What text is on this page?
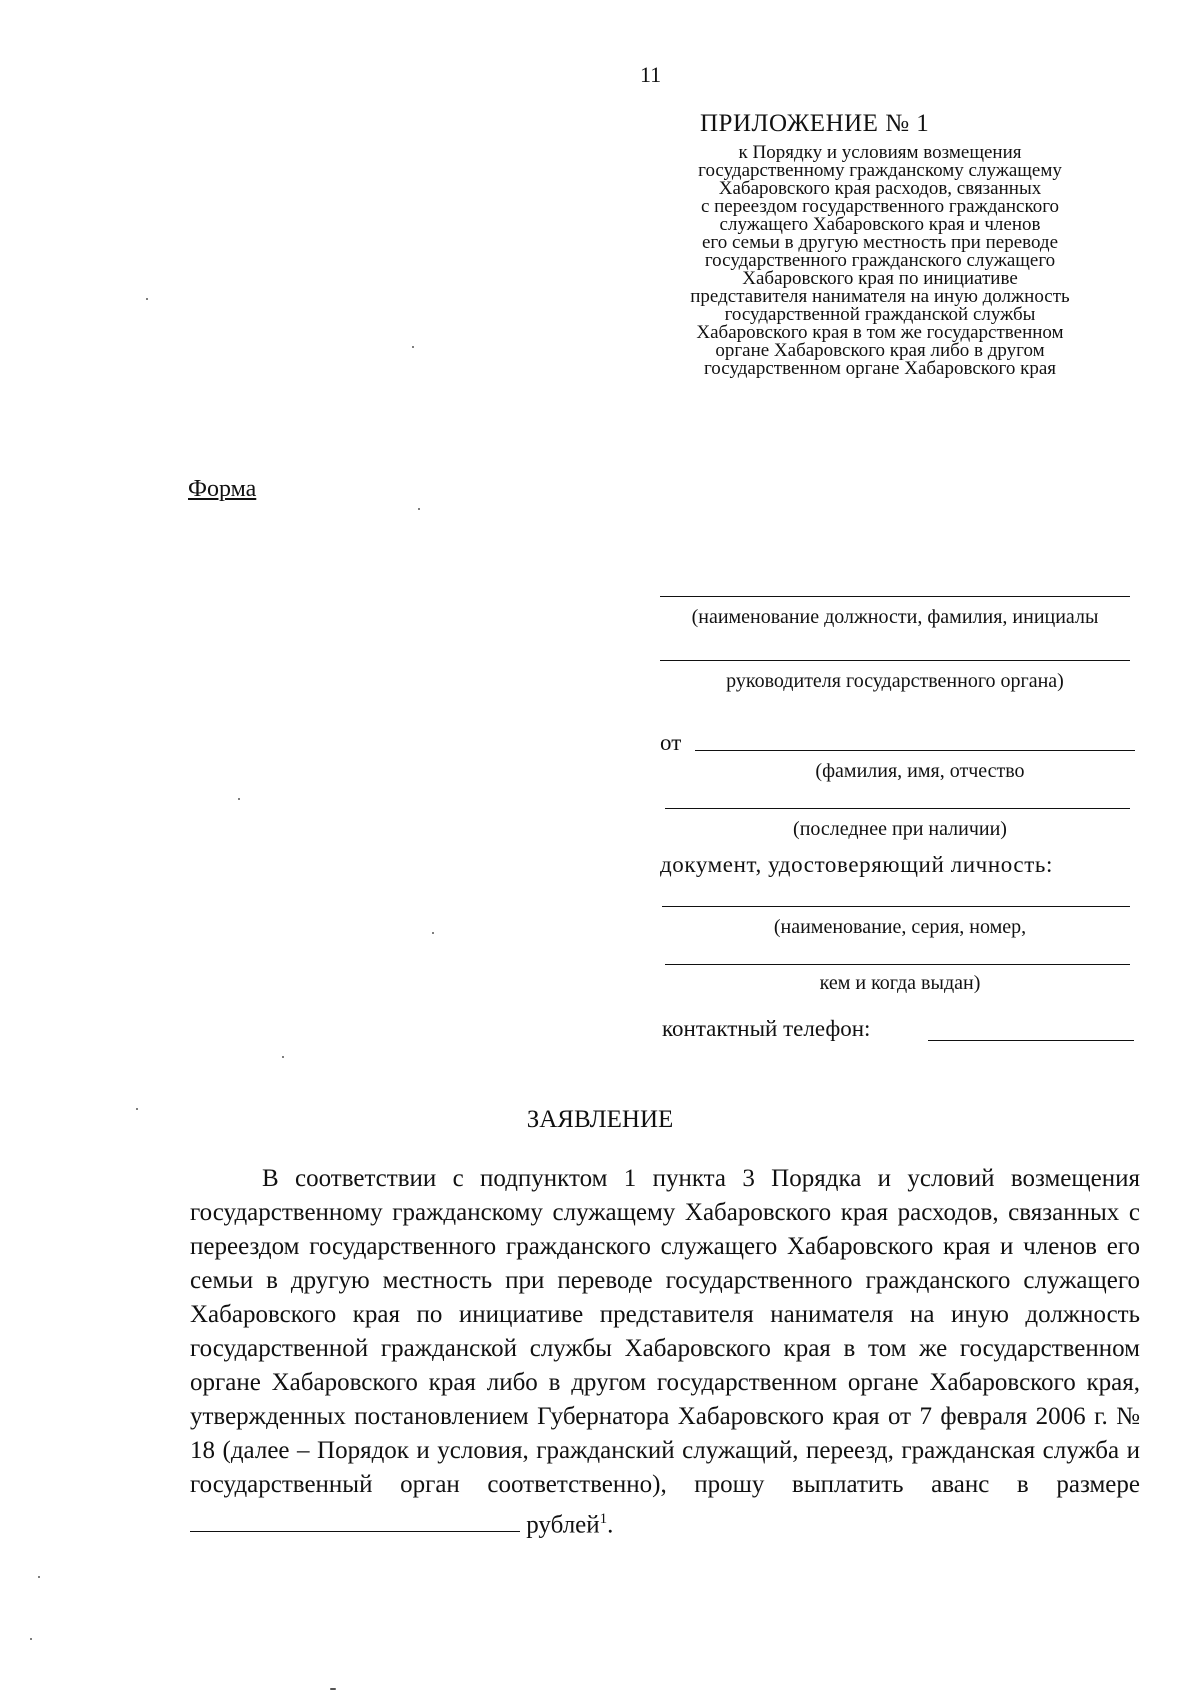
11
ПРИЛОЖЕНИЕ № 1
к Порядку и условиям возмещения
государственному гражданскому служащему
Хабаровского края расходов, связанных
с переездом государственного гражданского
служащего Хабаровского края и членов
его семьи в другую местность при переводе
государственного гражданского служащего
Хабаровского края по инициативе
представителя нанимателя на иную должность
государственной гражданской службы
Хабаровского края в том же государственном
органе Хабаровского края либо в другом
государственном органе Хабаровского края
Форма
(наименование должности, фамилия, инициалы
руководителя государственного органа)
от
(фамилия, имя, отчество
(последнее при наличии)
документ, удостоверяющий личность:
(наименование, серия, номер,
кем и когда выдан)
контактный телефон:
ЗАЯВЛЕНИЕ

В соответствии с подпунктом 1 пункта 3 Порядка и условий возмещения государственному гражданскому служащему Хабаровского края расходов, связанных с переездом государственного гражданского служащего Хабаровского края и членов его семьи в другую местность при переводе государственного гражданского служащего Хабаровского края по инициативе представителя нанимателя на иную должность государственной гражданской службы Хабаровского края в том же государственном органе Хабаровского края либо в другом государственном органе Хабаровского края, утвержденных постановлением Губернатора Хабаровского края от 7 февраля 2006 г. № 18 (далее – Порядок и условия, гражданский служащий, переезд, гражданская служба и государственный орган соответственно), прошу выплатить аванс в размере  рублей$^1$.
